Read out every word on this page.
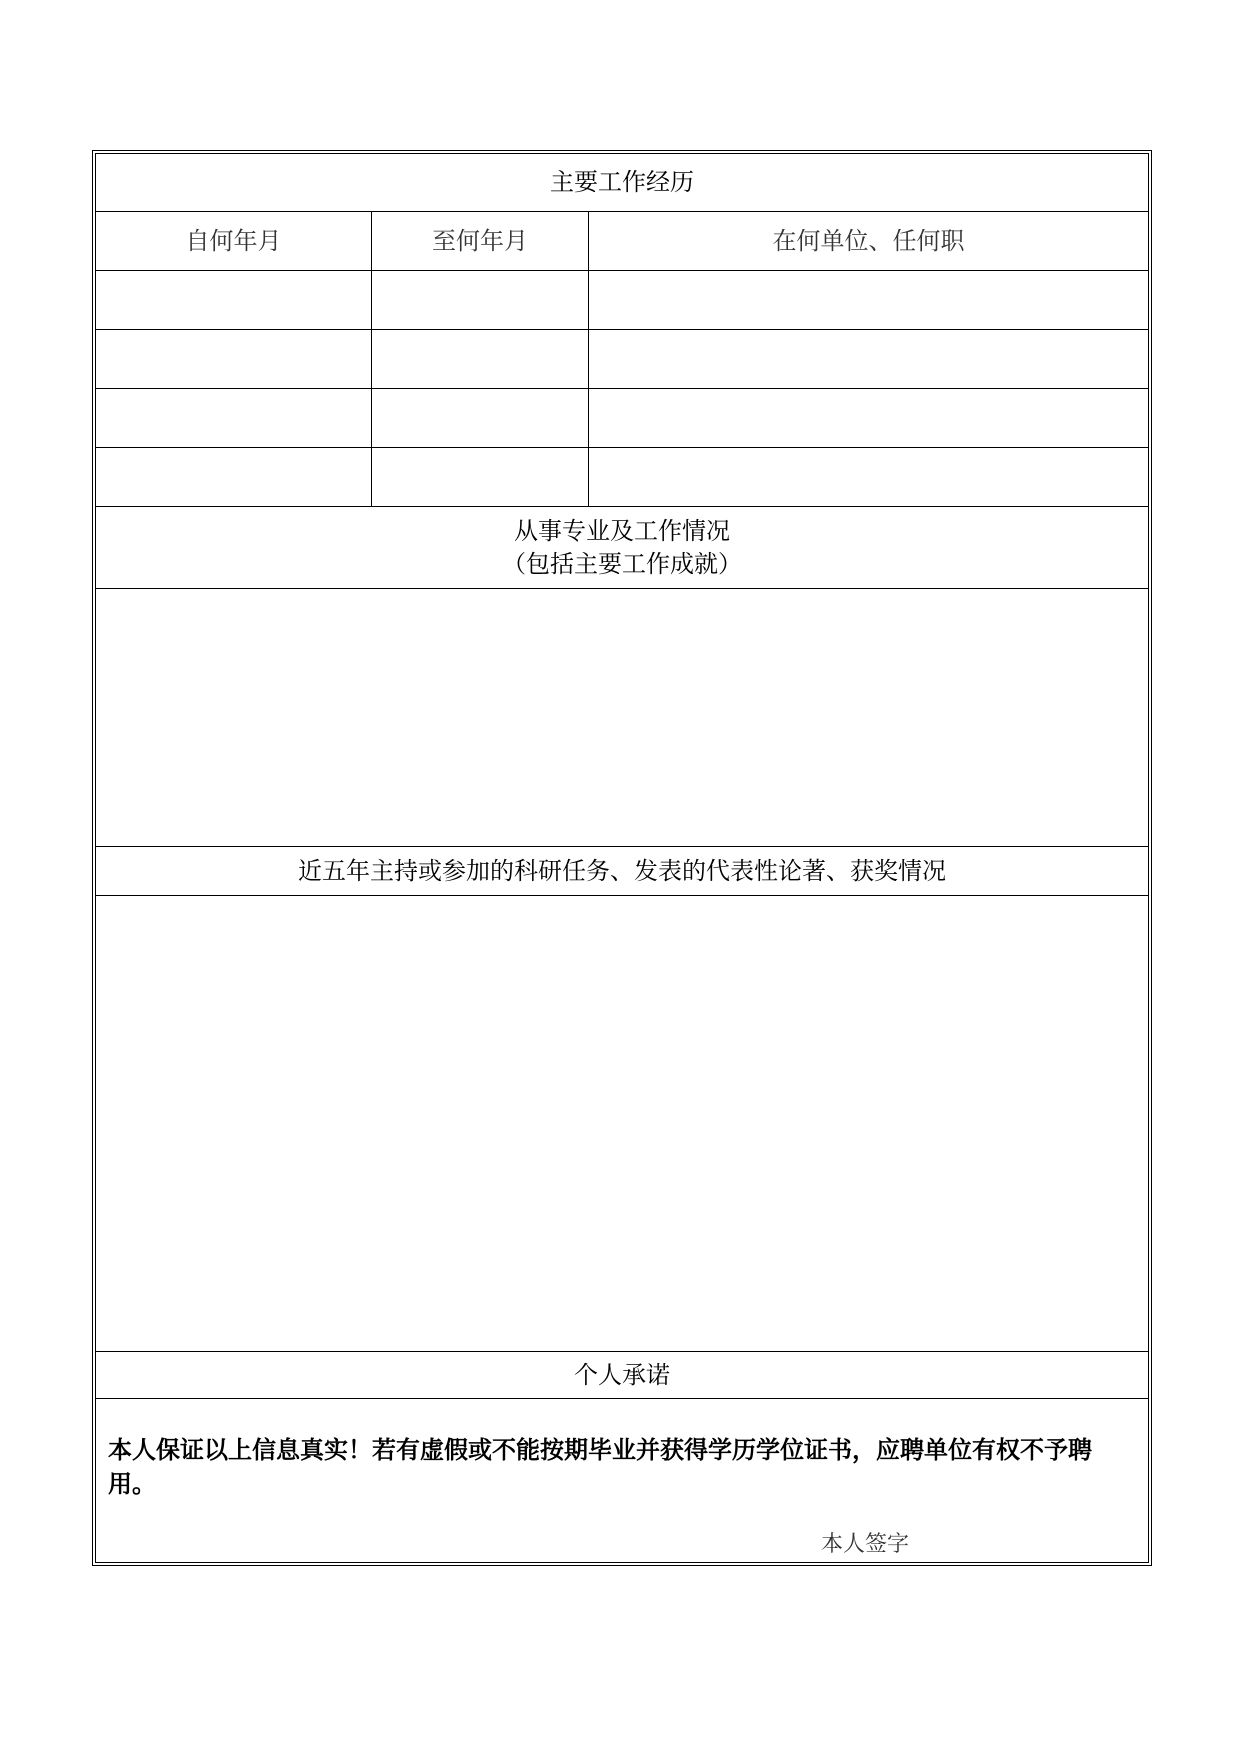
主要工作经历		
自何年月	至何年月	在何单位、任何职

从事专业及工作情况
（包括主要工作成就）		

近五年主持或参加的科研任务、发表的代表性论著、获奖情况		

个人承诺		

本人保证以上信息真实！若有虚假或不能按期毕业并获得学历学位证书，应聘单位有权不予聘用。
本人签字		
